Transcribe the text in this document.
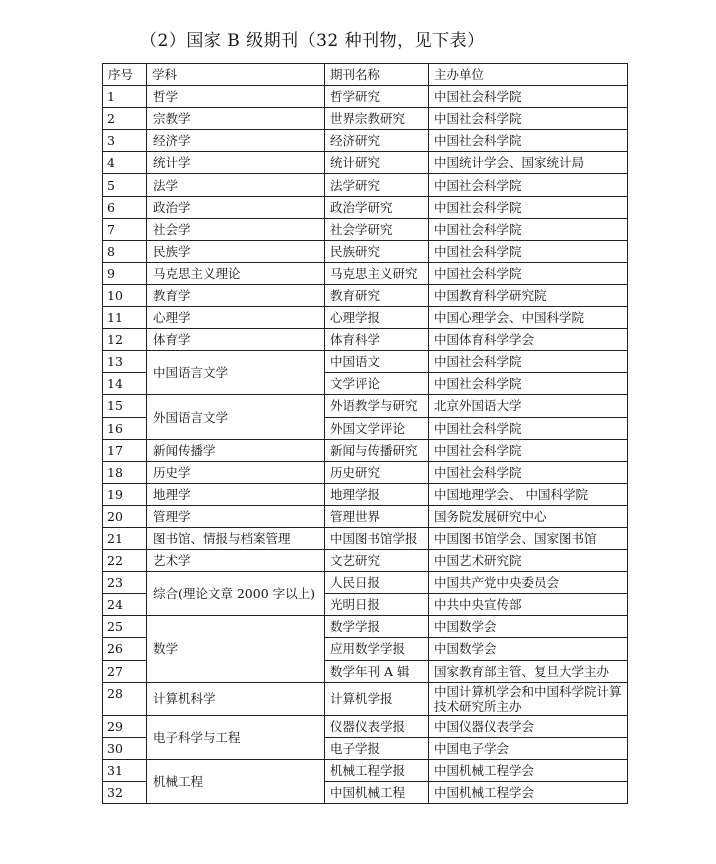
（2）国家 B 级期刊（32 种刊物，见下表）
序号	学科	期刊名称	主办单位
1	哲学	哲学研究	中国社会科学院
2	宗教学	世界宗教研究	中国社会科学院
3	经济学	经济研究	中国社会科学院
4	统计学	统计研究	中国统计学会、国家统计局
5	法学	法学研究	中国社会科学院
6	政治学	政治学研究	中国社会科学院
7	社会学	社会学研究	中国社会科学院
8	民族学	民族研究	中国社会科学院
9	马克思主义理论	马克思主义研究	中国社会科学院
10	教育学	教育研究	中国教育科学研究院
11	心理学	心理学报	中国心理学会、中国科学院
12	体育学	体育科学	中国体育科学学会
13	中国语言文学	中国语文	中国社会科学院
14		文学评论	中国社会科学院
15	外国语言文学	外语教学与研究	北京外国语大学
16		外国文学评论	中国社会科学院
17	新闻传播学	新闻与传播研究	中国社会科学院
18	历史学	历史研究	中国社会科学院
19	地理学	地理学报	中国地理学会、 中国科学院
20	管理学	管理世界	国务院发展研究中心
21	图书馆、情报与档案管理	中国图书馆学报	中国图书馆学会、国家图书馆
22	艺术学	文艺研究	中国艺术研究院
23	综合(理论文章 2000 字以上)	人民日报	中国共产党中央委员会
24		光明日报	中共中央宣传部
25	数学	数学学报	中国数学会
26		应用数学学报	中国数学会
27		数学年刊 A 辑	国家教育部主管、复旦大学主办
28	计算机科学	计算机学报	中国计算机学会和中国科学院计算技术研究所主办
29	电子科学与工程	仪器仪表学报	中国仪器仪表学会
30		电子学报	中国电子学会
31	机械工程	机械工程学报	中国机械工程学会
32		中国机械工程	中国机械工程学会
